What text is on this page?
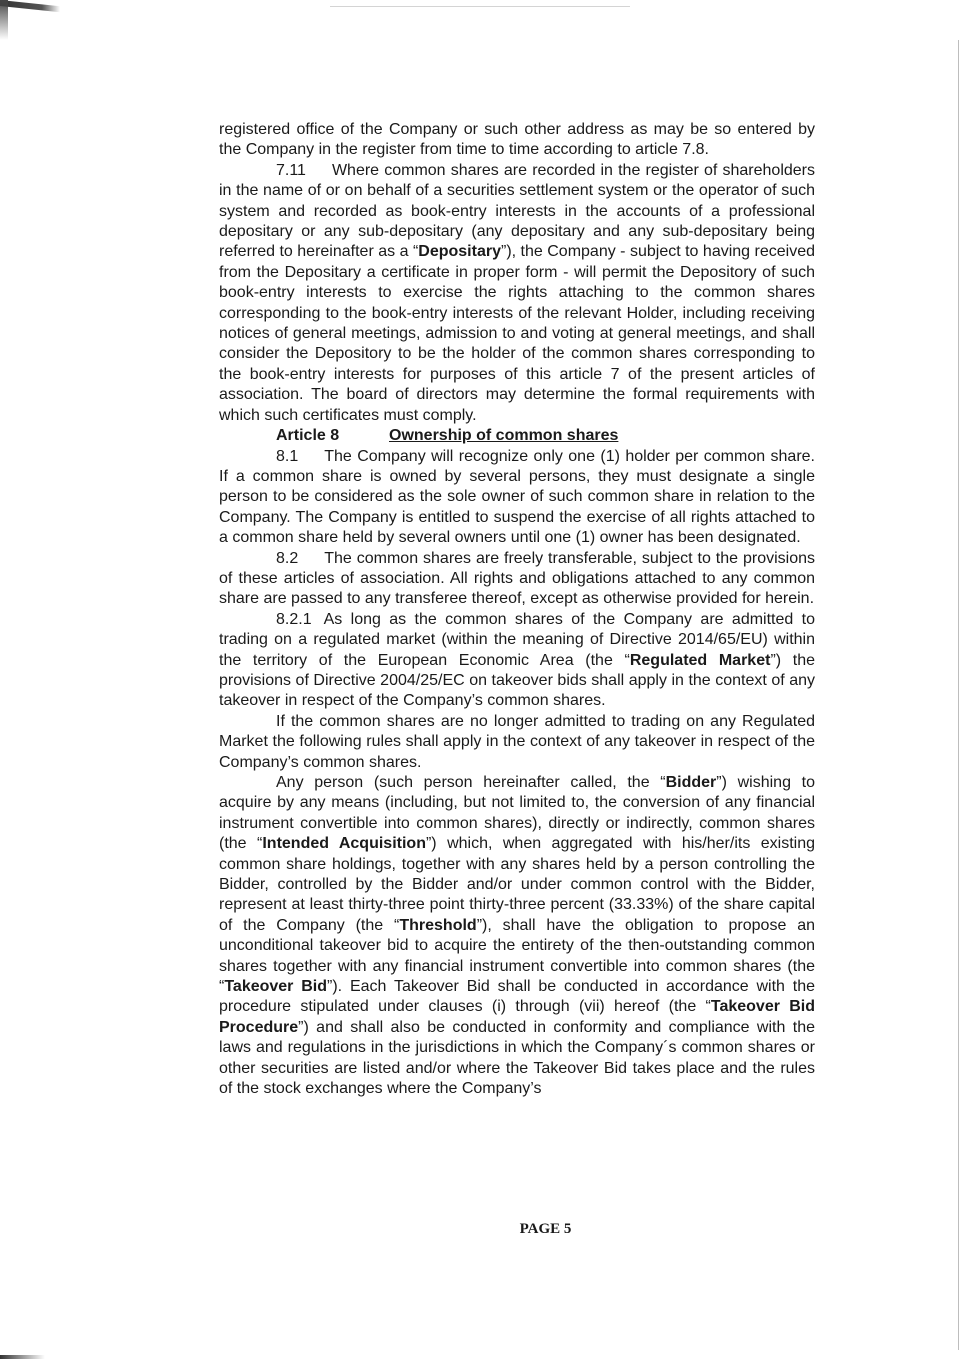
registered office of the Company or such other address as may be so entered by the Company in the register from time to time according to article 7.8.

7.11 Where common shares are recorded in the register of shareholders in the name of or on behalf of a securities settlement system or the operator of such system and recorded as book-entry interests in the accounts of a professional depositary or any sub-depositary (any depositary and any sub-depositary being referred to hereinafter as a “Depositary”), the Company - subject to having received from the Depositary a certificate in proper form - will permit the Depository of such book-entry interests to exercise the rights attaching to the common shares corresponding to the book-entry interests of the relevant Holder, including receiving notices of general meetings, admission to and voting at general meetings, and shall consider the Depository to be the holder of the common shares corresponding to the book-entry interests for purposes of this article 7 of the present articles of association. The board of directors may determine the formal requirements with which such certificates must comply.

Article 8	Ownership of common shares

8.1 The Company will recognize only one (1) holder per common share. If a common share is owned by several persons, they must designate a single person to be considered as the sole owner of such common share in relation to the Company. The Company is entitled to suspend the exercise of all rights attached to a common share held by several owners until one (1) owner has been designated.

8.2 The common shares are freely transferable, subject to the provisions of these articles of association. All rights and obligations attached to any common share are passed to any transferee thereof, except as otherwise provided for herein.

8.2.1 As long as the common shares of the Company are admitted to trading on a regulated market (within the meaning of Directive 2014/65/EU) within the territory of the European Economic Area (the “Regulated Market”) the provisions of Directive 2004/25/EC on takeover bids shall apply in the context of any takeover in respect of the Company’s common shares.

If the common shares are no longer admitted to trading on any Regulated Market the following rules shall apply in the context of any takeover in respect of the Company’s common shares.

Any person (such person hereinafter called, the “Bidder”) wishing to acquire by any means (including, but not limited to, the conversion of any financial instrument convertible into common shares), directly or indirectly, common shares (the “Intended Acquisition”) which, when aggregated with his/her/its existing common share holdings, together with any shares held by a person controlling the Bidder, controlled by the Bidder and/or under common control with the Bidder, represent at least thirty-three point thirty-three percent (33.33%) of the share capital of the Company (the “Threshold”), shall have the obligation to propose an unconditional takeover bid to acquire the entirety of the then-outstanding common shares together with any financial instrument convertible into common shares (the “Takeover Bid”). Each Takeover Bid shall be conducted in accordance with the procedure stipulated under clauses (i) through (vii) hereof (the “Takeover Bid Procedure”) and shall also be conducted in conformity and compliance with the laws and regulations in the jurisdictions in which the Company´s common shares or other securities are listed and/or where the Takeover Bid takes place and the rules of the stock exchanges where the Company’s

PAGE 5
